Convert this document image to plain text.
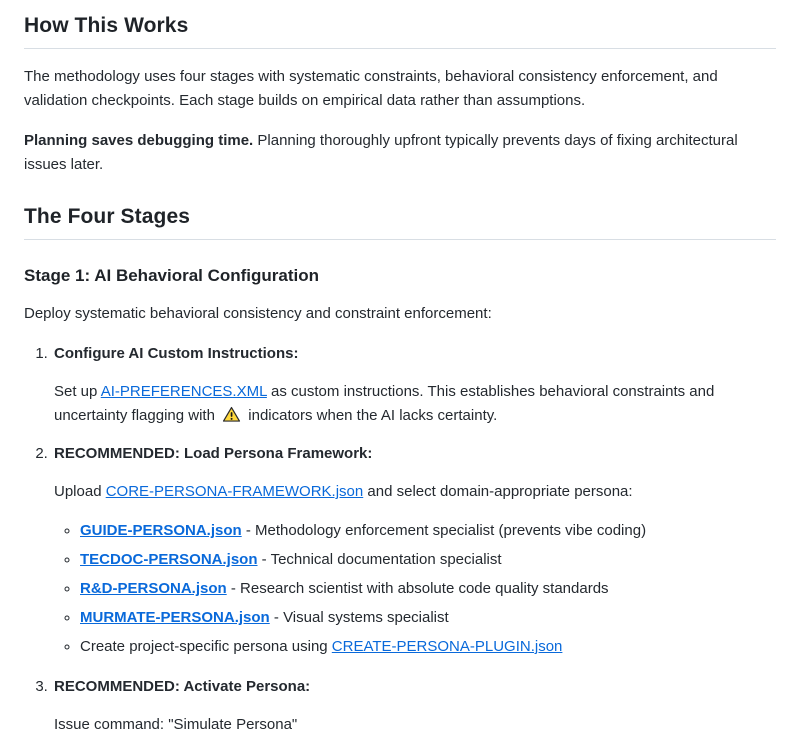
How This Works

The methodology uses four stages with systematic constraints, behavioral consistency enforcement, and validation checkpoints. Each stage builds on empirical data rather than assumptions.

Planning saves debugging time. Planning thoroughly upfront typically prevents days of fixing architectural issues later.

The Four Stages
Stage 1: AI Behavioral Configuration

Deploy systematic behavioral consistency and constraint enforcement:

1. Configure AI Custom Instructions:

Set up AI-PREFERENCES.XML as custom instructions. This establishes behavioral constraints and uncertainty flagging with  indicators when the AI lacks certainty.

2. RECOMMENDED: Load Persona Framework:

Upload CORE-PERSONA-FRAMEWORK.json and select domain-appropriate persona:

◦ GUIDE-PERSONA.json - Methodology enforcement specialist (prevents vibe coding)
◦ TECDOC-PERSONA.json - Technical documentation specialist
◦ R&D-PERSONA.json - Research scientist with absolute code quality standards
◦ MURMATE-PERSONA.json - Visual systems specialist
◦ Create project-specific persona using CREATE-PERSONA-PLUGIN.json
3. RECOMMENDED: Activate Persona:

Issue command: "Simulate Persona"
